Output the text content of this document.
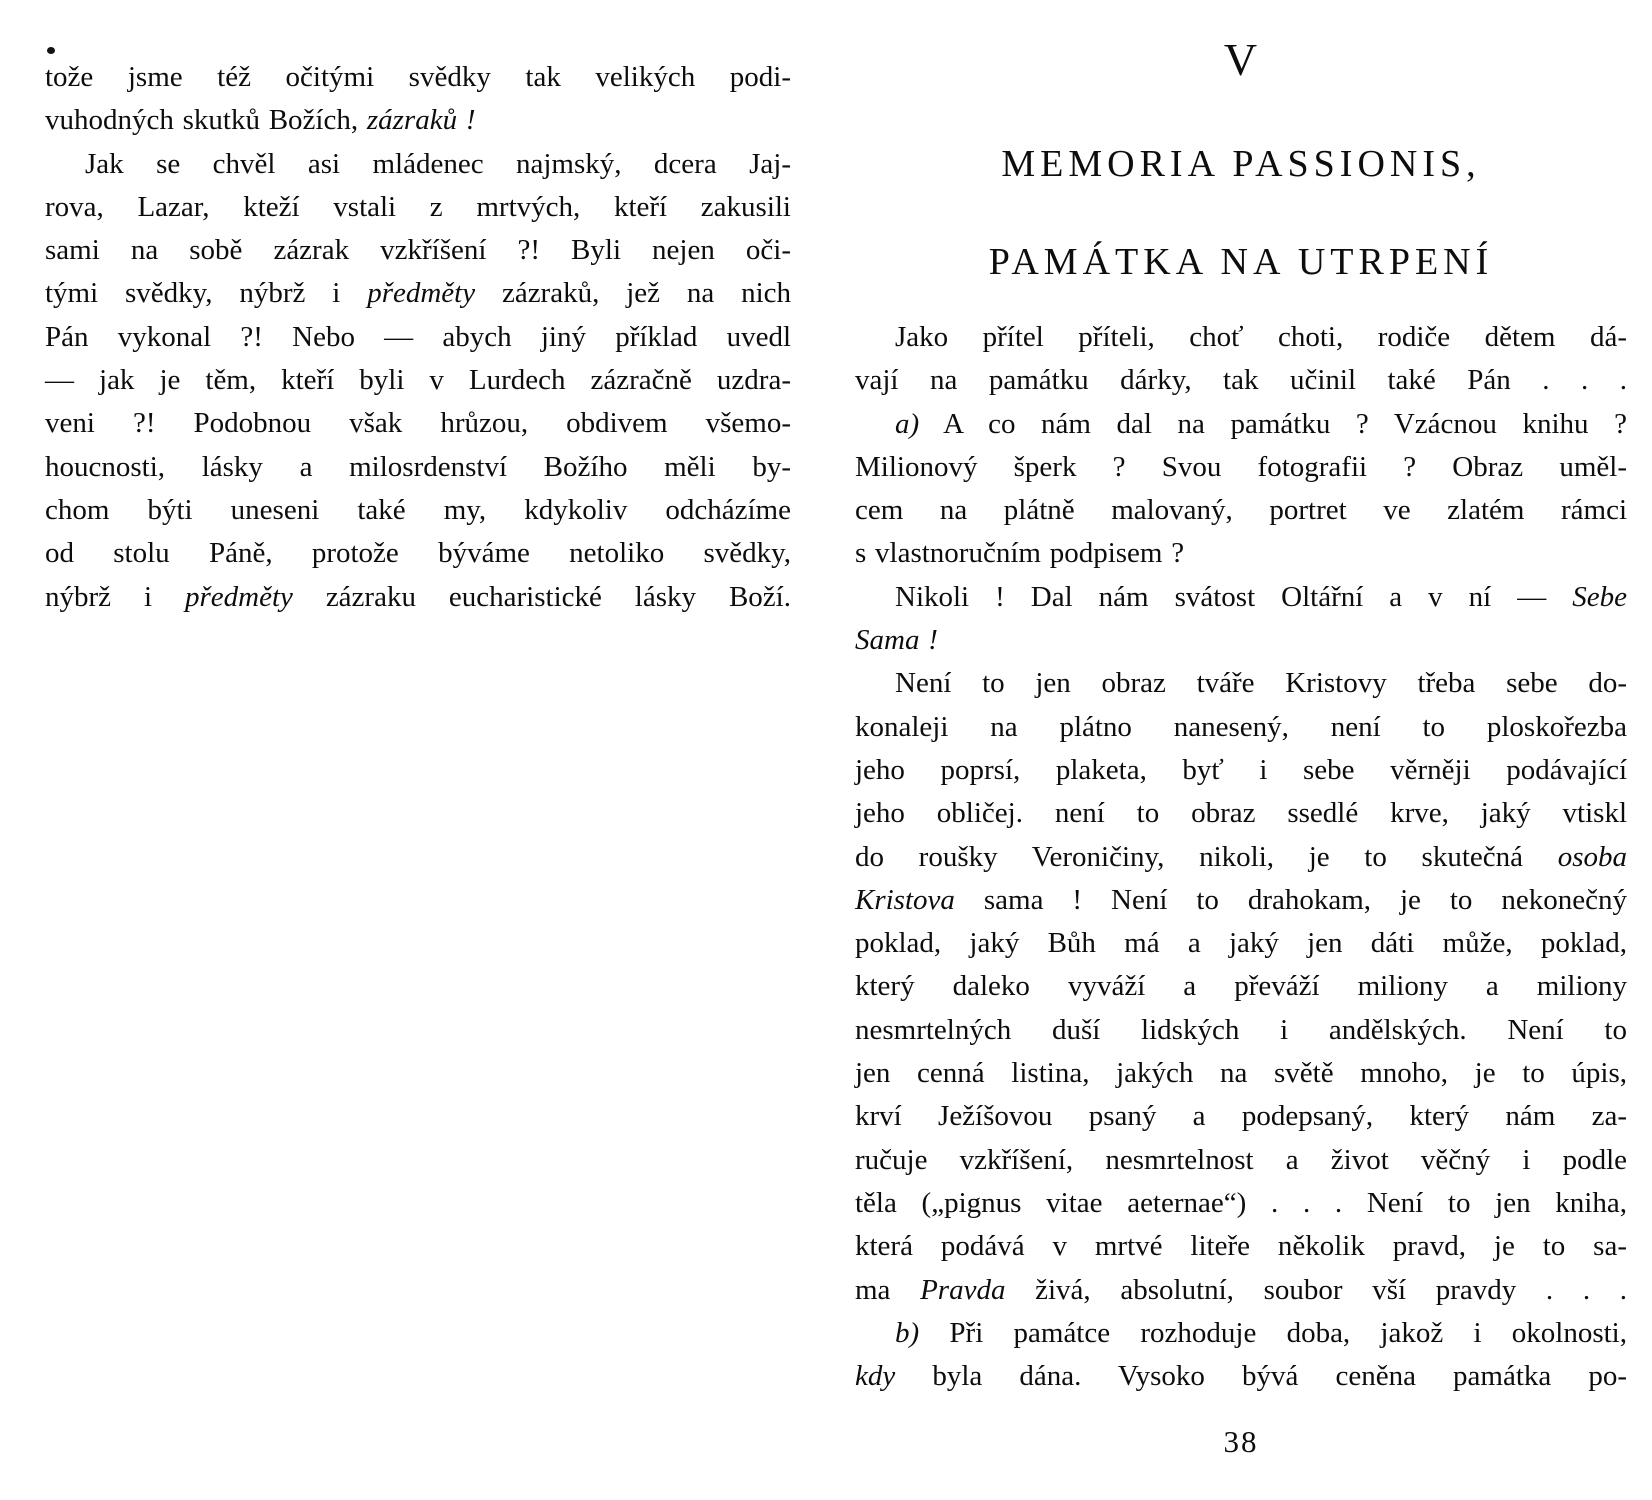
tože jsme též očitými svědky tak velikých podi-
vuhodných skutků Božích, zázraků !

Jak se chvěl asi mládenec najmský, dcera Jaj-
rova, Lazar, kteží vstali z mrtvých, kteří zakusili
sami na sobě zázrak vzkříšení ?! Byli nejen oči-
tými svědky, nýbrž i předměty zázraků, jež na nich
Pán vykonal ?! Nebo — abych jiný příklad uvedl
— jak je těm, kteří byli v Lurdech zázračně uzdra-
veni ?! Podobnou však hrůzou, obdivem všemo-
houcnosti, lásky a milosrdenství Božího měli by-
chom býti uneseni také my, kdykoliv odcházíme
od stolu Páně, protože býváme netoliko svědky,
nýbrž i předměty zázraku eucharistické lásky Boží.

V
MEMORIA PASSIONIS,
PAMÁTKA NA UTRPENÍ

Jako přítel příteli, choť choti, rodiče dětem dá-
vají na památku dárky, tak učinil také Pán . . .

a) A co nám dal na památku ? Vzácnou knihu ?
Milionový šperk ? Svou fotografii ? Obraz uměl-
cem na plátně malovaný, portret ve zlatém rámci
s vlastnoručním podpisem ?

Nikoli ! Dal nám svátost Oltářní a v ní — Sebe
Sama !

Není to jen obraz tváře Kristovy třeba sebe do-
konaleji na plátno nanesený, není to ploskořezba
jeho poprsí, plaketa, byť i sebe věrněji podávající
jeho obličej. není to obraz ssedlé krve, jaký vtiskl
do roušky Veroničiny, nikoli, je to skutečná osoba
Kristova sama ! Není to drahokam, je to nekonečný
poklad, jaký Bůh má a jaký jen dáti může, poklad,
který daleko vyváží a převáží miliony a miliony
nesmrtelných duší lidských i andělských. Není to
jen cenná listina, jakých na světě mnoho, je to úpis,
krví Ježíšovou psaný a podepsaný, který nám za-
ručuje vzkříšení, nesmrtelnost a život věčný i podle
těla („pignus vitae aeternae“) . . . Není to jen kniha,
která podává v mrtvé liteře několik pravd, je to sa-
ma Pravda živá, absolutní, soubor vší pravdy . . .

b) Při památce rozhoduje doba, jakož i okolnosti,
kdy byla dána. Vysoko bývá ceněna památka po-

38
